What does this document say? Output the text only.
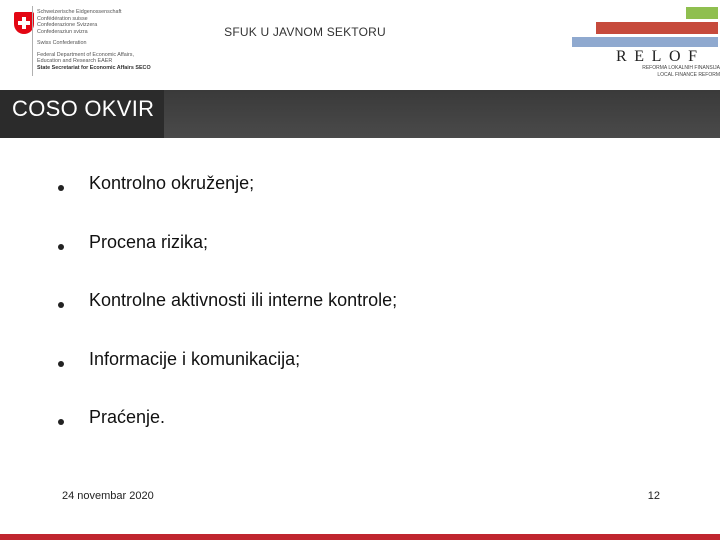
Schweizerische Eidgenossenschaft
Confédération suisse
Confederazione Svizzera
Confederaziun svizra
Swiss Confederation
Federal Department of Economic Affairs,
Education and Research EAER
State Secretariat for Economic Affairs SECO
SFUK U JAVNOM SEKTORU
RELOF
REFORMA LOKALNIH FINANSIJA
LOCAL FINANCE REFORM
COSO OKVIR
Kontrolno okruženje;
Procena rizika;
Kontrolne aktivnosti ili interne kontrole;
Informacije i komunikacija;
Praćenje.
24 novembar 2020	12
